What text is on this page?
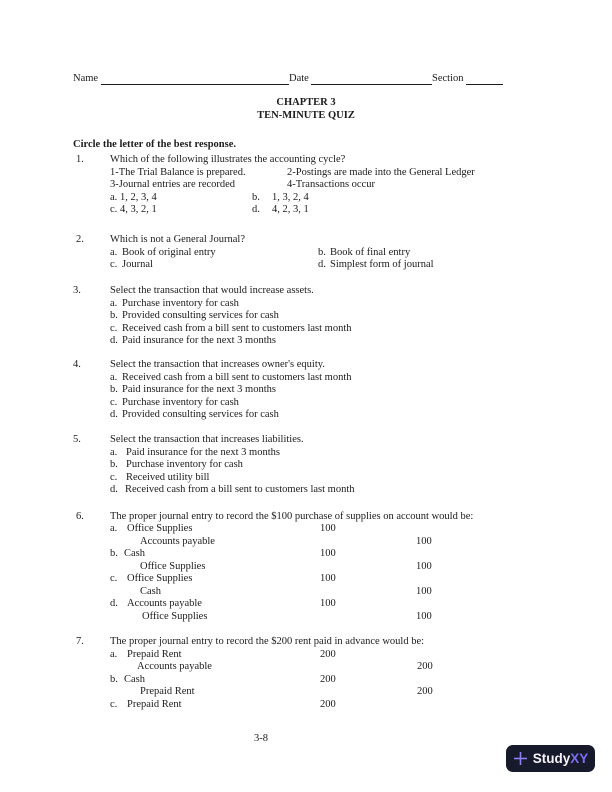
Name	Date	Section
CHAPTER 3
TEN-MINUTE QUIZ
Circle the letter of the best response.
1. Which of the following illustrates the accounting cycle?
1-The Trial Balance is prepared.	2-Postings are made into the General Ledger
3-Journal entries are recorded	4-Transactions occur
a. 1, 2, 3, 4	b. 1, 3, 2, 4
c. 4, 3, 2, 1	d. 4, 2, 3, 1
2. Which is not a General Journal?
a. Book of original entry	b. Book of final entry
c. Journal	d. Simplest form of journal
3.	Select the transaction that would increase assets.
a. Purchase inventory for cash
b. Provided consulting services for cash
c. Received cash from a bill sent to customers last month
d. Paid insurance for the next 3 months
4.	Select the transaction that increases owner's equity.
a. Received cash from a bill sent to customers last month
b. Paid insurance for the next 3 months
c. Purchase inventory for cash
d. Provided consulting services for cash
5.	Select the transaction that increases liabilities.
a. Paid insurance for the next 3 months
b. Purchase inventory for cash
c. Received utility bill
d. Received cash from a bill sent to customers last month
6. The proper journal entry to record the $100 purchase of supplies on account would be:
a. Office Supplies	100
Accounts payable	100
b. Cash	100
Office Supplies	100
c. Office Supplies	100
Cash	100
d. Accounts payable	100
Office Supplies	100
7. The proper journal entry to record the $200 rent paid in advance would be:
a. Prepaid Rent	200
Accounts payable	200
b. Cash	200
Prepaid Rent	200
c. Prepaid Rent	200
3-8
StudyXY
